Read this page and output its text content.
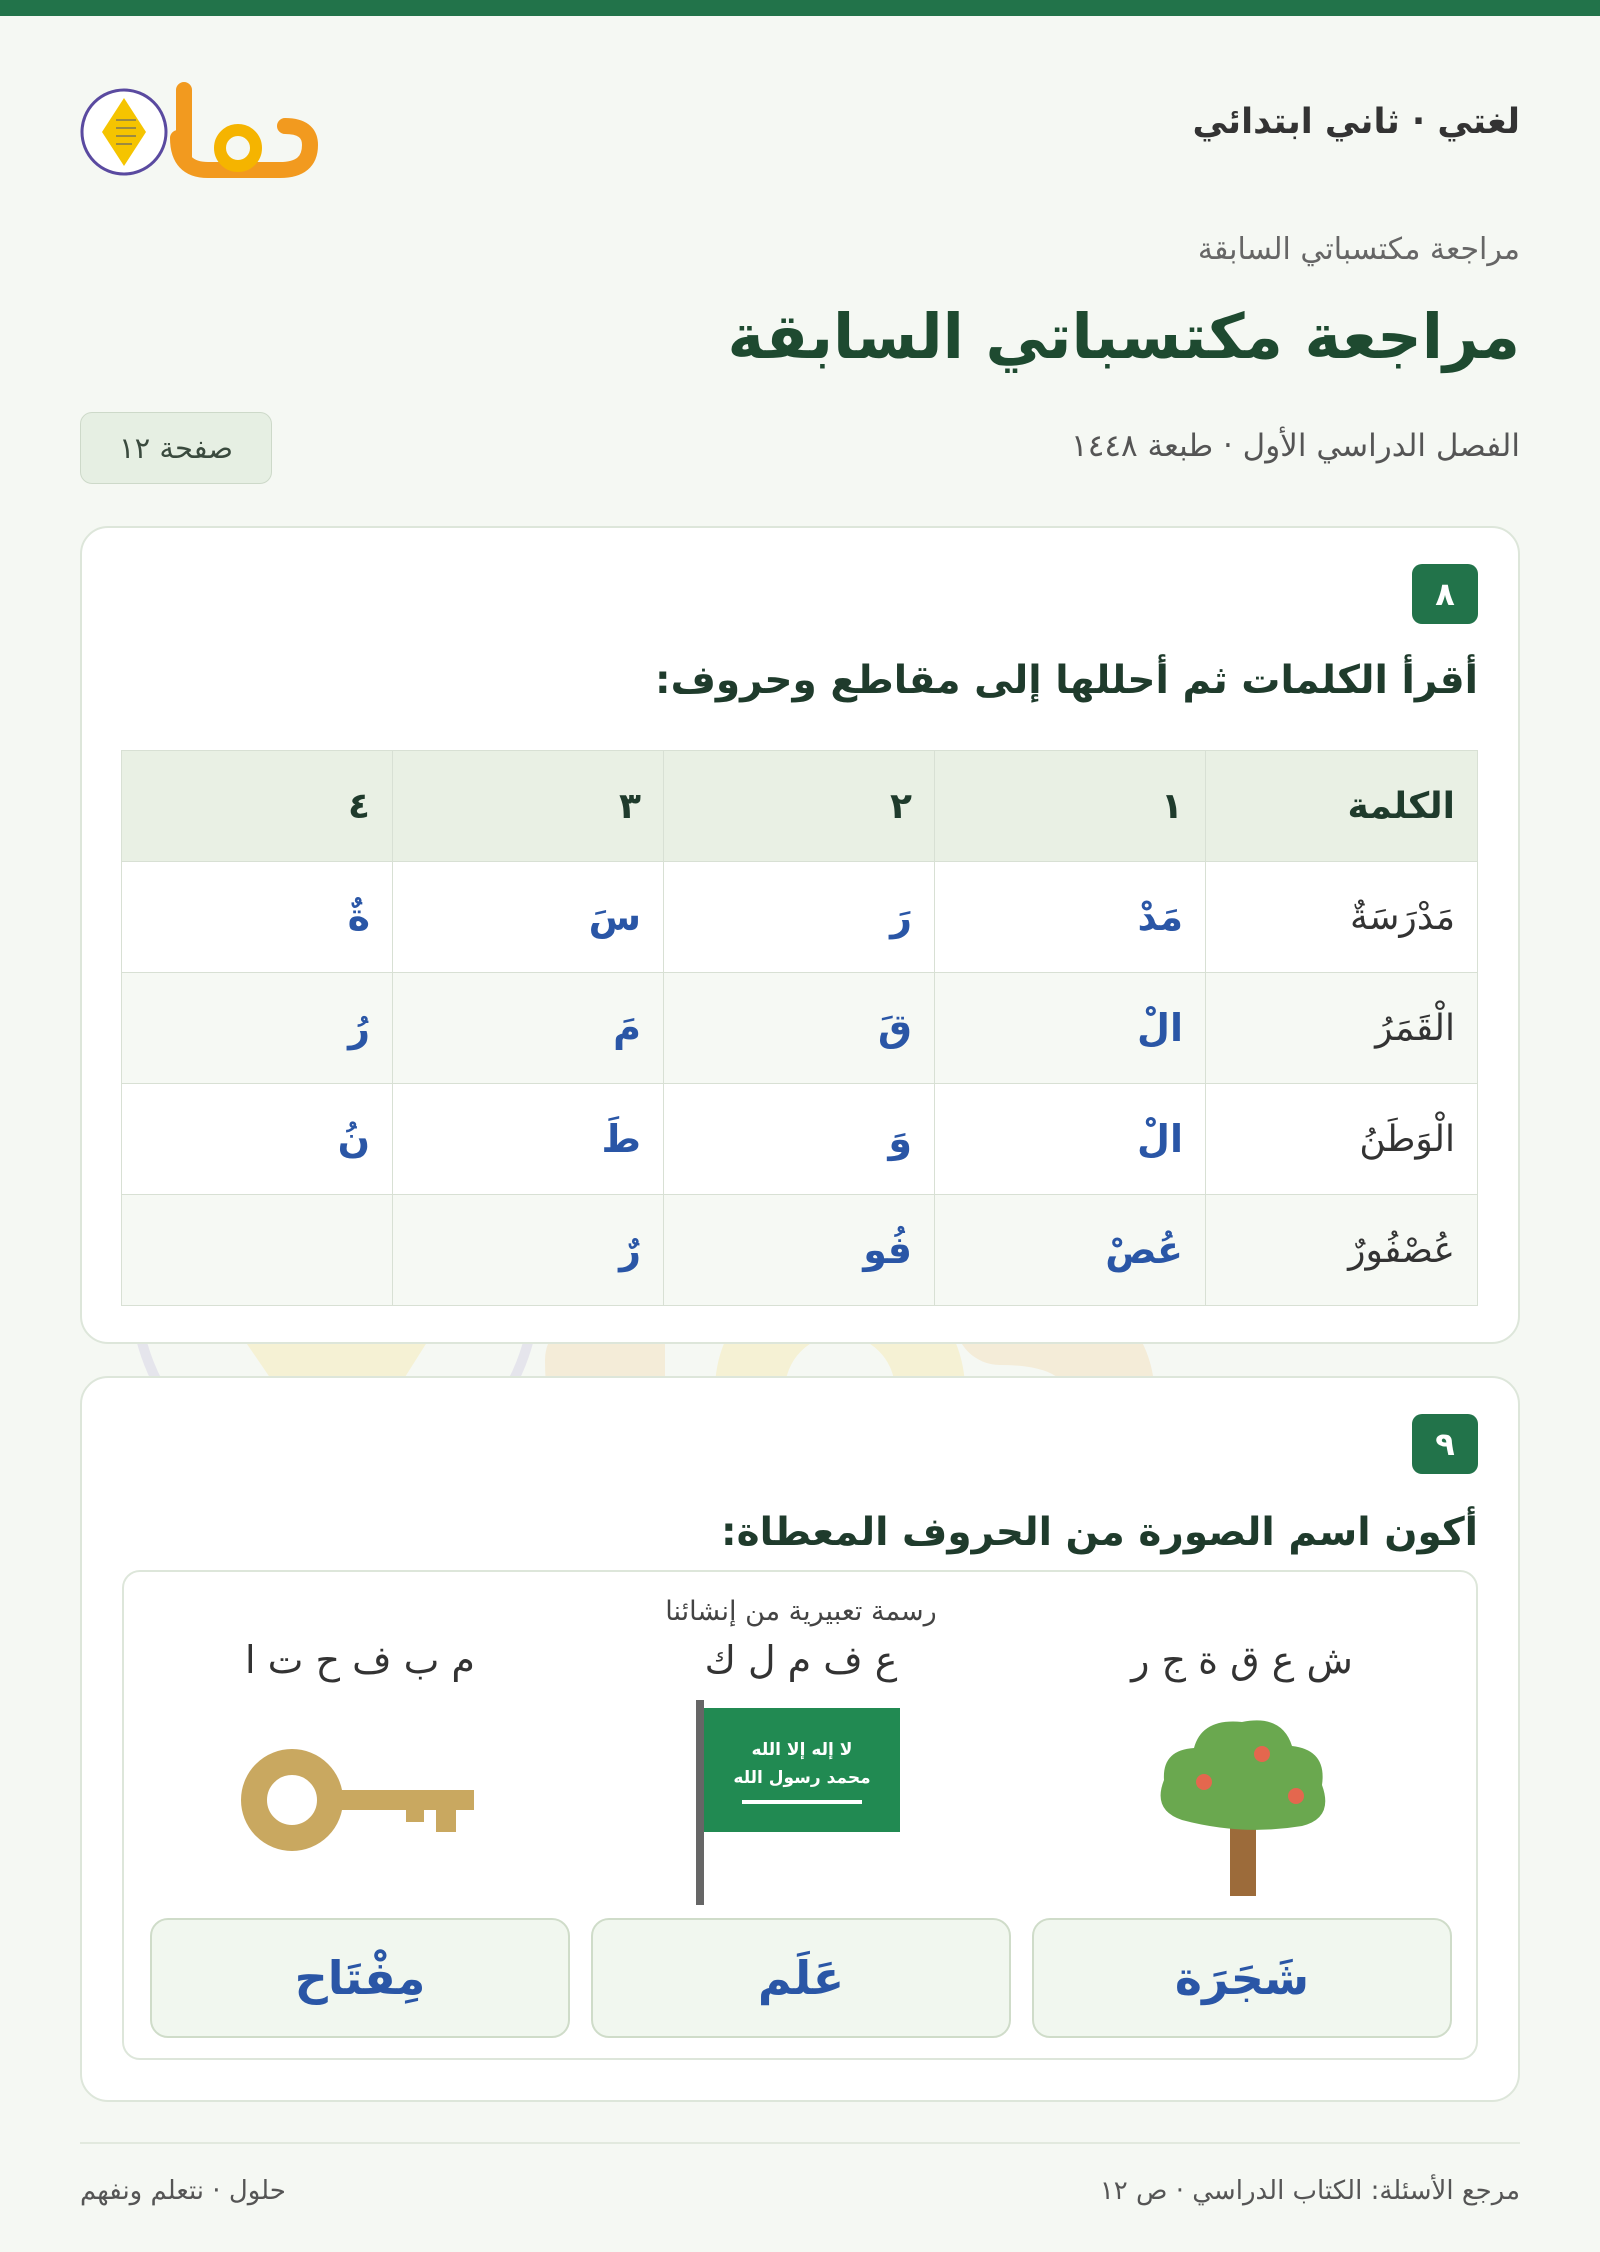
لغتي · ثاني ابتدائي
مراجعة مكتسباتي السابقة
مراجعة مكتسباتي السابقة
الفصل الدراسي الأول · طبعة ١٤٤٨
صفحة ١٢
٨
أقرأ الكلمات ثم أحللها إلى مقاطع وحروف:
الكلمة	١	٢	٣	٤
مَدْرَسَةٌ	مَدْ	رَ	سَ	ةٌ
الْقَمَرُ	الْ	قَ	مَ	رُ
الْوَطَنُ	الْ	وَ	طَ	نُ
عُصْفُورٌ	عُصْ	فُو	رٌ	
٩
أكون اسم الصورة من الحروف المعطاة:
ش ع ق ة ج ر
شَجَرَة
رسمة تعبيرية من إنشائنا
ع ف م ل ك
لا إله إلا الله
محمد رسول الله
عَلَم
م ب ف ح ت ا
مِفْتَاح
مرجع الأسئلة: الكتاب الدراسي · ص ١٢
حلول · نتعلم ونفهم
